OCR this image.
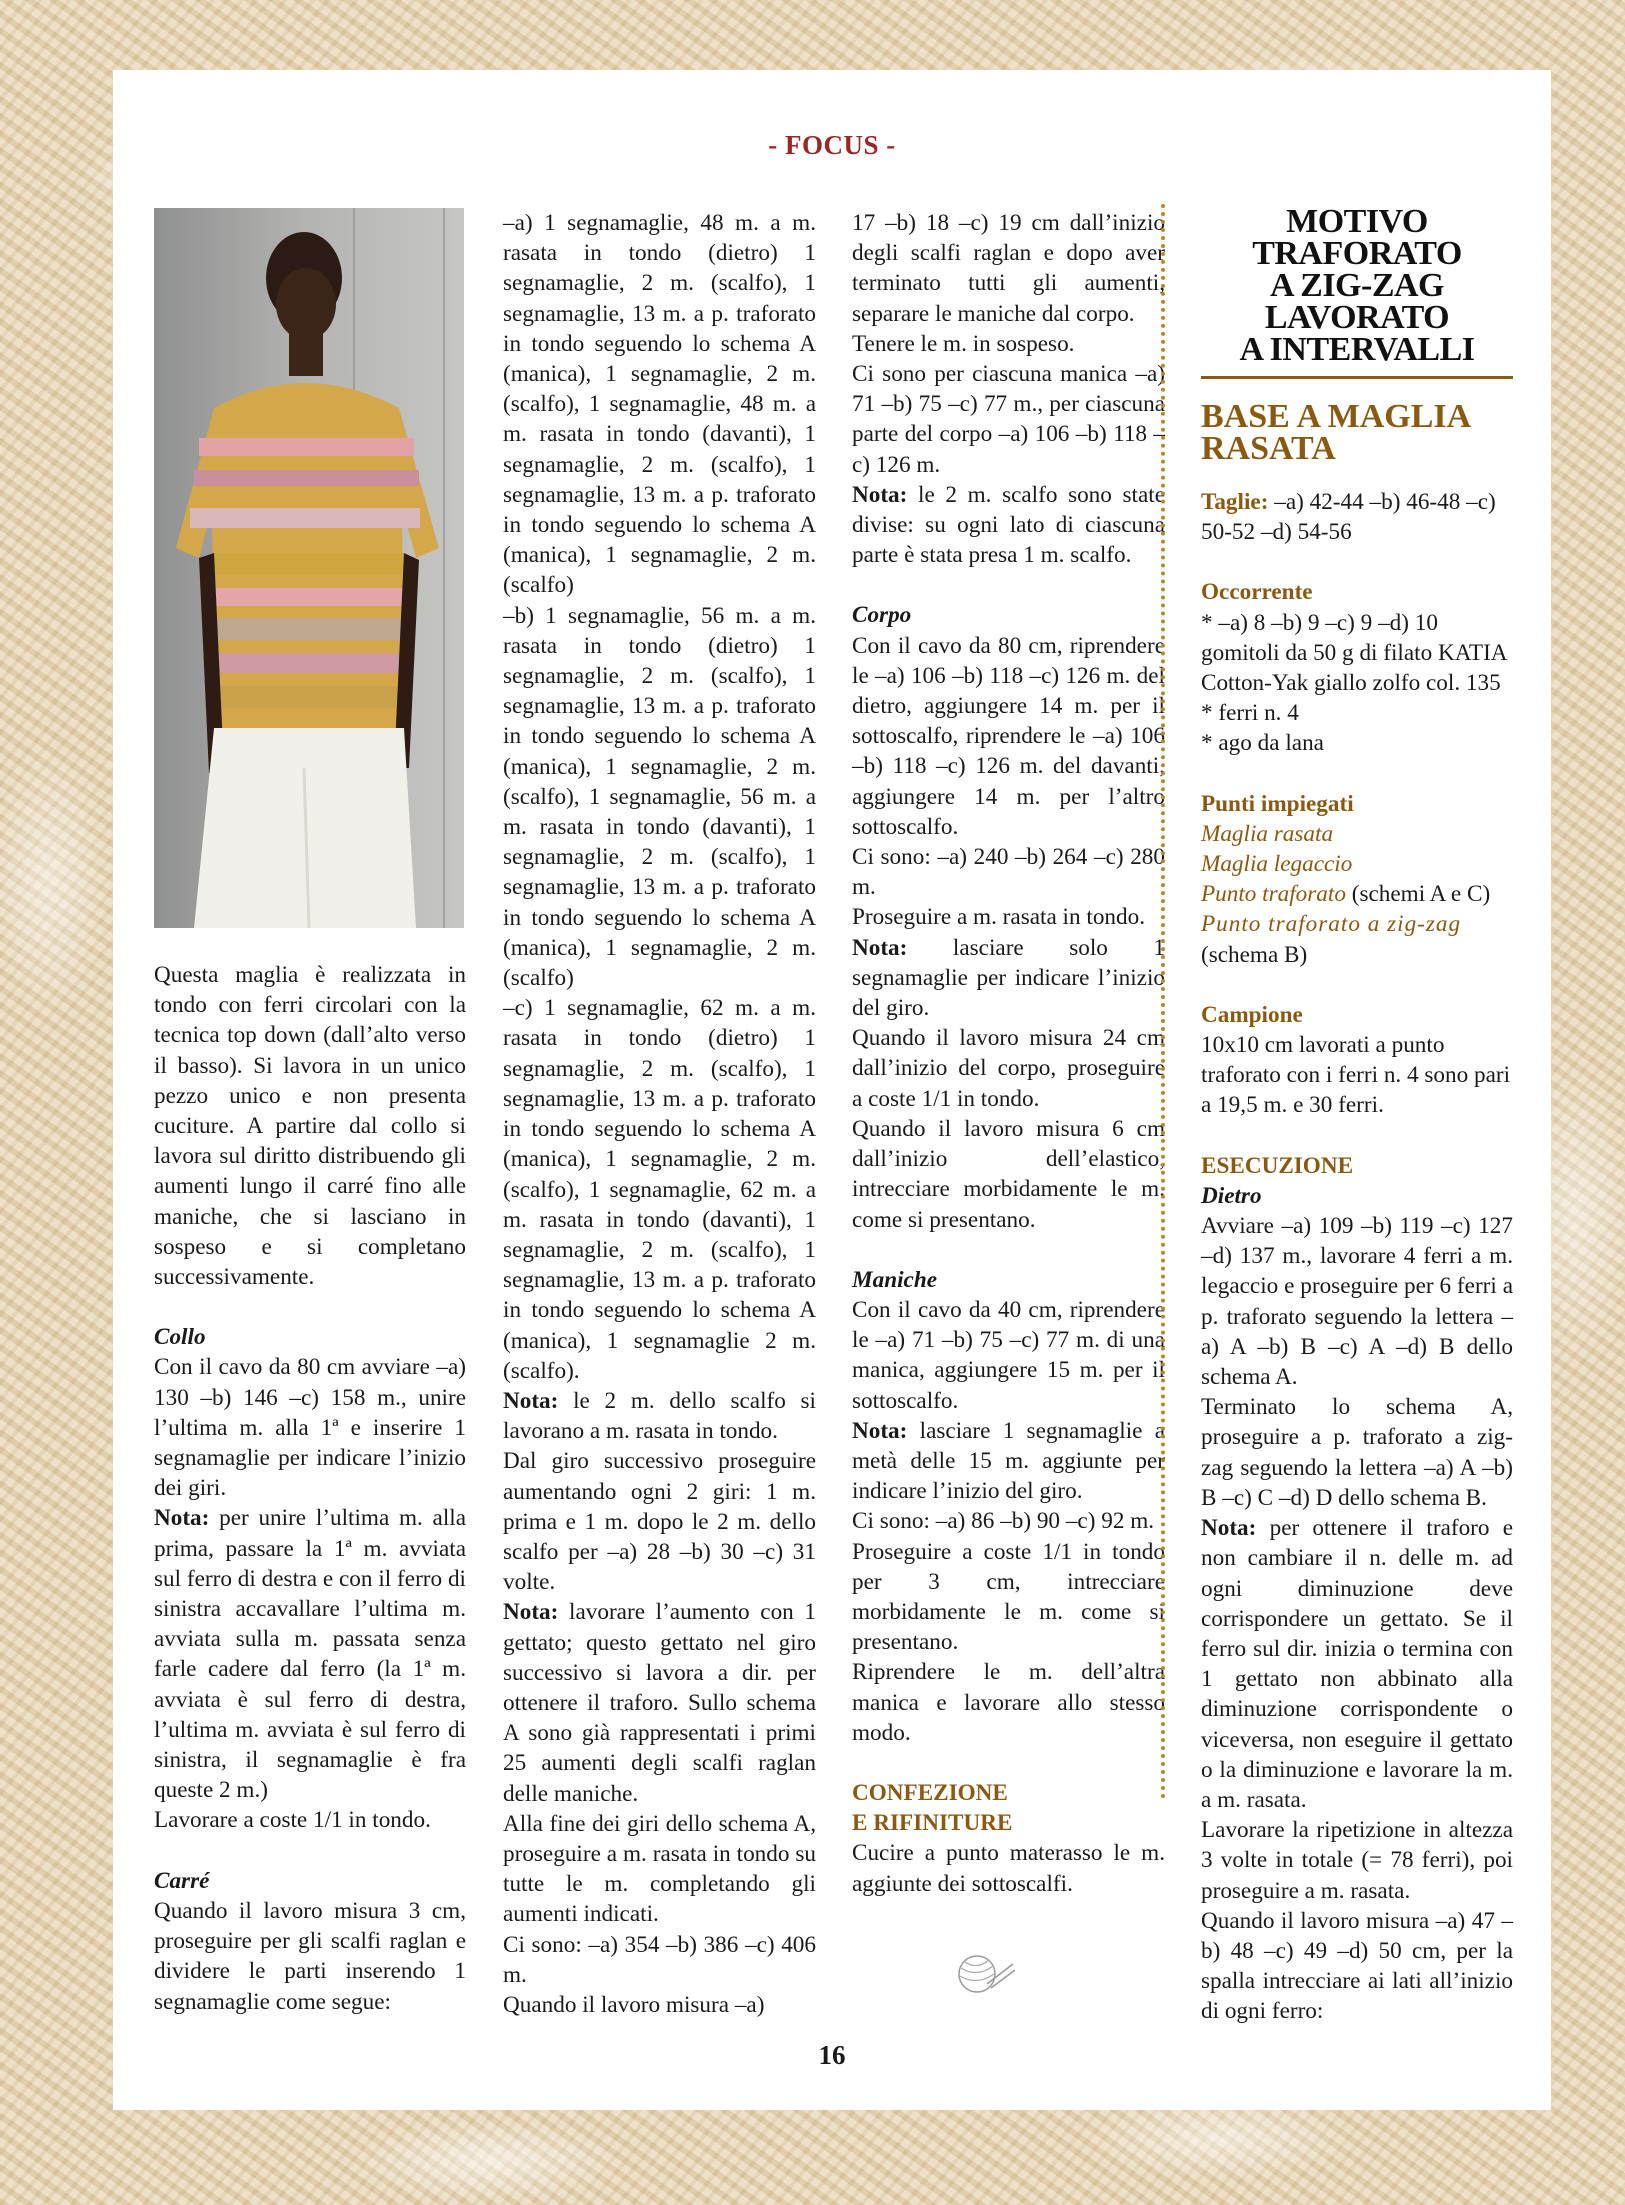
- FOCUS -

Questa maglia è realizzata in tondo con ferri circolari con la tecnica top down (dall’alto verso il basso). Si lavora in un unico pezzo unico e non presenta cuciture. A partire dal collo si lavora sul diritto distribuendo gli aumenti lungo il carré fino alle maniche, che si lasciano in sospeso e si completano successivamente.

Collo

Con il cavo da 80 cm avviare –a) 130 –b) 146 –c) 158 m., unire l’ultima m. alla 1ª e inserire 1 segnamaglie per indicare l’inizio dei giri.

Nota: per unire l’ultima m. alla prima, passare la 1ª m. avviata sul ferro di destra e con il ferro di sinistra accavallare l’ultima m. avviata sulla m. passata senza farle cadere dal ferro (la 1ª m. avviata è sul ferro di destra, l’ultima m. avviata è sul ferro di sinistra, il segnamaglie è fra queste 2 m.)

Lavorare a coste 1/1 in tondo.

Carré

Quando il lavoro misura 3 cm, proseguire per gli scalfi raglan e dividere le parti inserendo 1 segnamaglie come segue:

–a) 1 segnamaglie, 48 m. a m. rasata in tondo (dietro) 1 segnamaglie, 2 m. (scalfo), 1 segnamaglie, 13 m. a p. traforato in tondo seguendo lo schema A (manica), 1 segnamaglie, 2 m. (scalfo), 1 segnamaglie, 48 m. a m. rasata in tondo (davanti), 1 segnamaglie, 2 m. (scalfo), 1 segnamaglie, 13 m. a p. traforato in tondo seguendo lo schema A (manica), 1 segnamaglie, 2 m. (scalfo)

–b) 1 segnamaglie, 56 m. a m. rasata in tondo (dietro) 1 segnamaglie, 2 m. (scalfo), 1 segnamaglie, 13 m. a p. traforato in tondo seguendo lo schema A (manica), 1 segnamaglie, 2 m. (scalfo), 1 segnamaglie, 56 m. a m. rasata in tondo (davanti), 1 segnamaglie, 2 m. (scalfo), 1 segnamaglie, 13 m. a p. traforato in tondo seguendo lo schema A (manica), 1 segnamaglie, 2 m. (scalfo)

–c) 1 segnamaglie, 62 m. a m. rasata in tondo (dietro) 1 segnamaglie, 2 m. (scalfo), 1 segnamaglie, 13 m. a p. traforato in tondo seguendo lo schema A (manica), 1 segnamaglie, 2 m. (scalfo), 1 segnamaglie, 62 m. a m. rasata in tondo (davanti), 1 segnamaglie, 2 m. (scalfo), 1 segnamaglie, 13 m. a p. traforato in tondo seguendo lo schema A (manica), 1 segnamaglie 2 m. (scalfo).

Nota: le 2 m. dello scalfo si lavorano a m. rasata in tondo.

Dal giro successivo proseguire aumentando ogni 2 giri: 1 m. prima e 1 m. dopo le 2 m. dello scalfo per –a) 28 –b) 30 –c) 31 volte.

Nota: lavorare l’aumento con 1 gettato; questo gettato nel giro successivo si lavora a dir. per ottenere il traforo. Sullo schema A sono già rappresentati i primi 25 aumenti degli scalfi raglan delle maniche.

Alla fine dei giri dello schema A, proseguire a m. rasata in tondo su tutte le m. completando gli aumenti indicati.

Ci sono: –a) 354 –b) 386 –c) 406 m.

Quando il lavoro misura –a)

17 –b) 18 –c) 19 cm dall’inizio degli scalfi raglan e dopo aver terminato tutti gli aumenti, separare le maniche dal corpo.

Tenere le m. in sospeso.

Ci sono per ciascuna manica –a) 71 –b) 75 –c) 77 m., per ciascuna parte del corpo –a) 106 –b) 118 –c) 126 m.

Nota: le 2 m. scalfo sono state divise: su ogni lato di ciascuna parte è stata presa 1 m. scalfo.

Corpo

Con il cavo da 80 cm, riprendere le –a) 106 –b) 118 –c) 126 m. del dietro, aggiungere 14 m. per il sottoscalfo, riprendere le –a) 106 –b) 118 –c) 126 m. del davanti, aggiungere 14 m. per l’altro sottoscalfo.

Ci sono: –a) 240 –b) 264 –c) 280 m.

Proseguire a m. rasata in tondo.

Nota: lasciare solo 1 segnamaglie per indicare l’inizio del giro.

Quando il lavoro misura 24 cm dall’inizio del corpo, proseguire a coste 1/1 in tondo.

Quando il lavoro misura 6 cm dall’inizio dell’elastico, intrecciare morbidamente le m. come si presentano.

Maniche

Con il cavo da 40 cm, riprendere le –a) 71 –b) 75 –c) 77 m. di una manica, aggiungere 15 m. per il sottoscalfo.

Nota: lasciare 1 segnamaglie a metà delle 15 m. aggiunte per indicare l’inizio del giro.

Ci sono: –a) 86 –b) 90 –c) 92 m.

Proseguire a coste 1/1 in tondo per 3 cm, intrecciare morbidamente le m. come si presentano.

Riprendere le m. dell’altra manica e lavorare allo stesso modo.

CONFEZIONE

E RIFINITURE

Cucire a punto materasso le m. aggiunte dei sottoscalfi.

MOTIVO TRAFORATO
A ZIG-ZAG LAVORATO
A INTERVALLI
BASE A MAGLIA
RASATA

Taglie: –a) 42-44 –b) 46-48 –c) 50-52 –d) 54-56

Occorrente

* –a) 8 –b) 9 –c) 9 –d) 10 gomitoli da 50 g di filato KATIA Cotton-Yak giallo zolfo col. 135

* ferri n. 4

* ago da lana

Punti impiegati

Maglia rasata

Maglia legaccio

Punto traforato (schemi A e C)

Punto traforato a zig-zag

(schema B)

Campione

10x10 cm lavorati a punto traforato con i ferri n. 4 sono pari a 19,5 m. e 30 ferri.

ESECUZIONE

Dietro

Avviare –a) 109 –b) 119 –c) 127 –d) 137 m., lavorare 4 ferri a m. legaccio e proseguire per 6 ferri a p. traforato seguendo la lettera –a) A –b) B –c) A –d) B dello schema A.

Terminato lo schema A, proseguire a p. traforato a zig-zag seguendo la lettera –a) A –b) B –c) C –d) D dello schema B.

Nota: per ottenere il traforo e non cambiare il n. delle m. ad ogni diminuzione deve corrispondere un gettato. Se il ferro sul dir. inizia o termina con 1 gettato non abbinato alla diminuzione corrispondente o viceversa, non eseguire il gettato o la diminuzione e lavorare la m. a m. rasata.

Lavorare la ripetizione in altezza 3 volte in totale (= 78 ferri), poi proseguire a m. rasata.

Quando il lavoro misura –a) 47 –b) 48 –c) 49 –d) 50 cm, per la spalla intrecciare ai lati all’inizio di ogni ferro:

16
